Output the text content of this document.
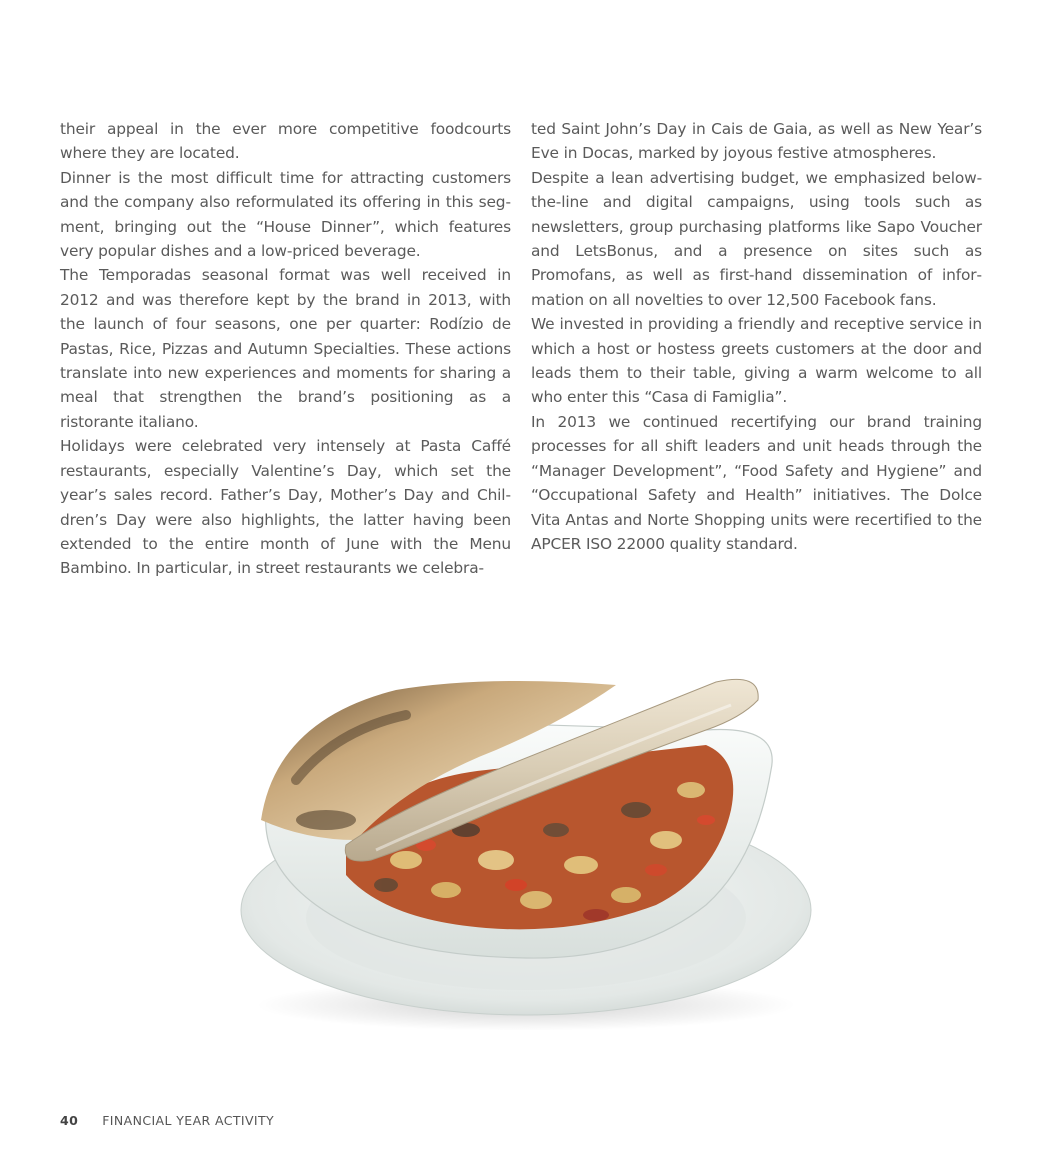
their appeal in the ever more competitive foodcourts where they are located.

Dinner is the most difficult time for attracting customers and the company also reformulated its offering in this segment, bringing out the “House Dinner”, which features very popular dishes and a low-priced beverage.

The Temporadas seasonal format was well received in 2012 and was therefore kept by the brand in 2013, with the launch of four seasons, one per quarter: Rodízio de Pastas, Rice, Pizzas and Autumn Specialties. These actions translate into new experiences and moments for sharing a meal that strengthen the brand’s positioning as a ristorante italiano.

Holidays were celebrated very intensely at Pasta Caffé restaurants, especially Valentine’s Day, which set the year’s sales record. Father’s Day, Mother’s Day and Children’s Day were also highlights, the latter having been extended to the entire month of June with the Menu Bambino. In particular, in street restaurants we celebra-

ted Saint John’s Day in Cais de Gaia, as well as New Year’s Eve in Docas, marked by joyous festive atmospheres.

Despite a lean advertising budget, we emphasized below-the-line and digital campaigns, using tools such as newsletters, group purchasing platforms like Sapo Voucher and LetsBonus, and a presence on sites such as Promofans, as well as first-hand dissemination of information on all novelties to over 12,500 Facebook fans.

We invested in providing a friendly and receptive service in which a host or hostess greets customers at the door and leads them to their table, giving a warm welcome to all who enter this “Casa di Famiglia”.

In 2013 we continued recertifying our brand training processes for all shift leaders and unit heads through the “Manager Development”, “Food Safety and Hygiene” and “Occupational Safety and Health” initiatives. The Dolce Vita Antas and Norte Shopping units were recertified to the APCER ISO 22000 quality standard.

40 FINANCIAL YEAR ACTIVITY
